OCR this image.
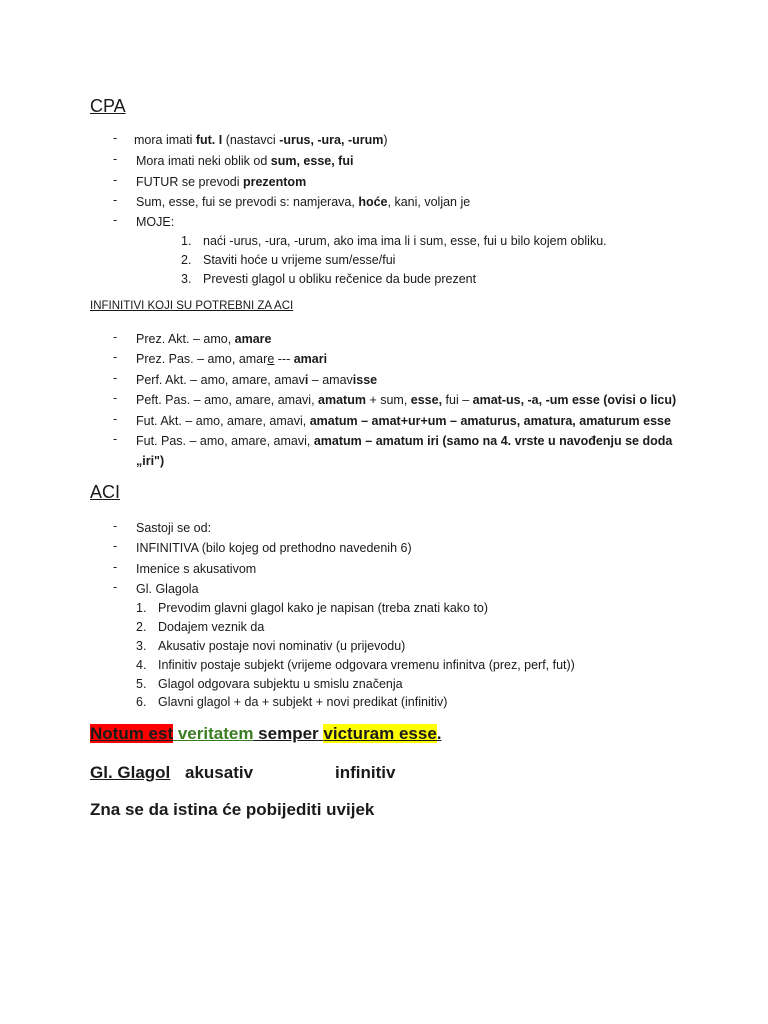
CPA
- mora imati fut. I (nastavci -urus, -ura, -urum)
- Mora imati neki oblik od sum, esse, fui
- FUTUR se prevodi prezentom
- Sum, esse, fui se prevodi s: namjerava, hoće, kani, voljan je
- MOJE:
1. naći -urus, -ura, -urum, ako ima ima li i sum, esse, fui u bilo kojem obliku.
2. Staviti hoće u vrijeme sum/esse/fui
3. Prevesti glagol u obliku rečenice da bude prezent
INFINITIVI KOJI SU POTREBNI ZA ACI
- Prez. Akt. – amo, amare
- Prez. Pas. – amo, amare --- amari
- Perf. Akt. – amo, amare, amavi – amavisse
- Peft. Pas. – amo, amare, amavi, amatum + sum, esse, fui – amat-us, -a, -um esse (ovisi o licu)
- Fut. Akt. – amo, amare, amavi, amatum – amat+ur+um – amaturus, amatura, amaturum esse
- Fut. Pas. – amo, amare, amavi, amatum – amatum iri (samo na 4. vrste u navođenju se doda
„iri")
ACI
- Sastoji se od:
- INFINITIVA (bilo kojeg od prethodno navedenih 6)
- Imenice s akusativom
- Gl. Glagola
1. Prevodim glavni glagol kako je napisan (treba znati kako to)
2. Dodajem veznik da
3. Akusativ postaje novi nominativ (u prijevodu)
4. Infinitiv postaje subjekt (vrijeme odgovara vremenu infinitva (prez, perf, fut))
5. Glagol odgovara subjektu u smislu značenja
6. Glavni glagol + da + subjekt + novi predikat (infinitiv)
Notum est veritatem semper victuram esse.
Gl. Glagol akusativ	infinitiv
Zna se da istina će pobijediti uvijek
